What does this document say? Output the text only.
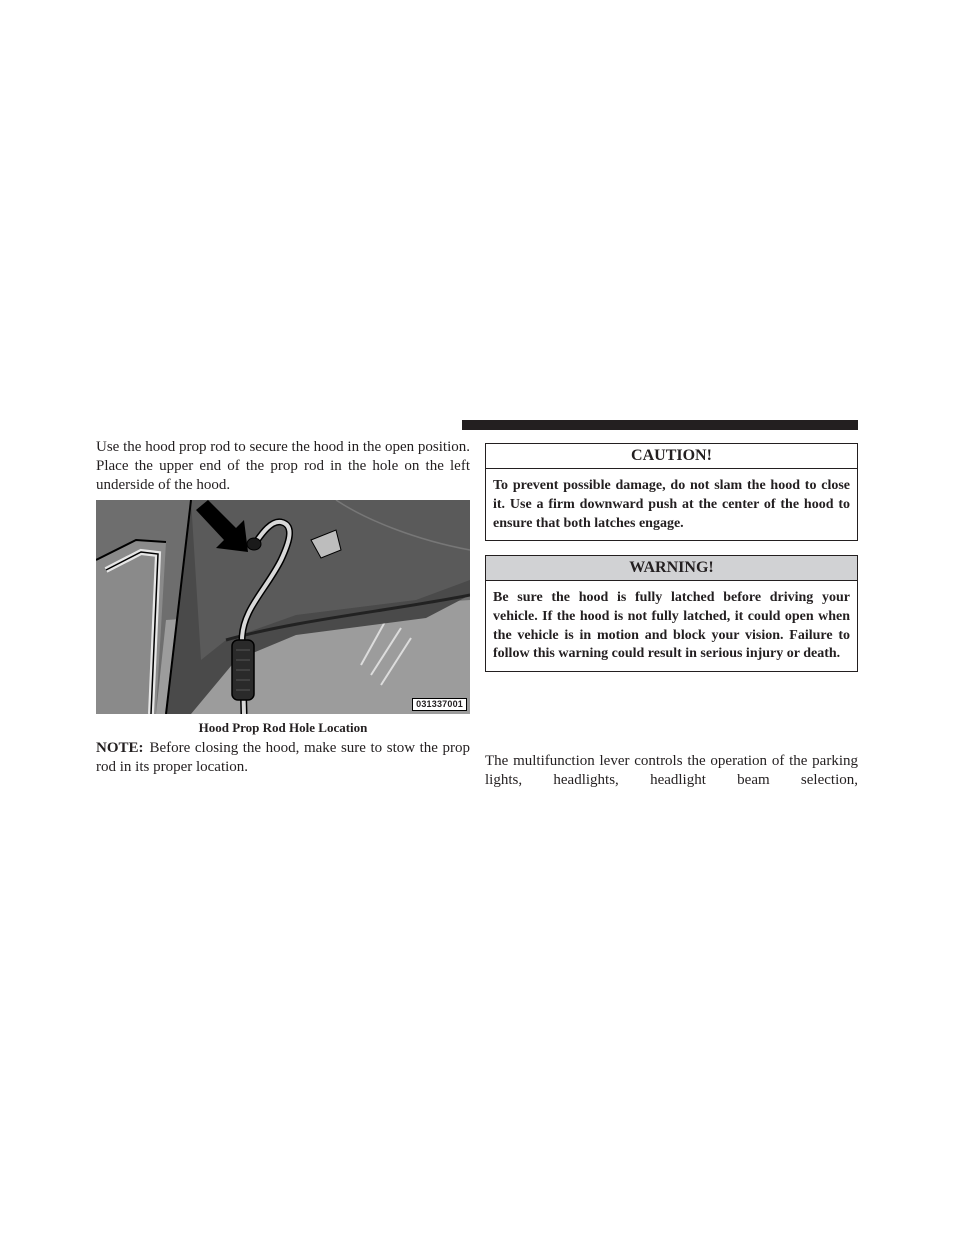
Use the hood prop rod to secure the hood in the open position. Place the upper end of the prop rod in the hole on the left underside of the hood.

031337001
Hood Prop Rod Hole Location

NOTE: Before closing the hood, make sure to stow the prop rod in its proper location.

CAUTION!
To prevent possible damage, do not slam the hood to close it. Use a firm downward push at the center of the hood to ensure that both latches engage.
WARNING!
Be sure the hood is fully latched before driving your vehicle. If the hood is not fully latched, it could open when the vehicle is in motion and block your vision. Failure to follow this warning could result in serious injury or death.

The multifunction lever controls the operation of the parking lights, headlights, headlight beam selection,
